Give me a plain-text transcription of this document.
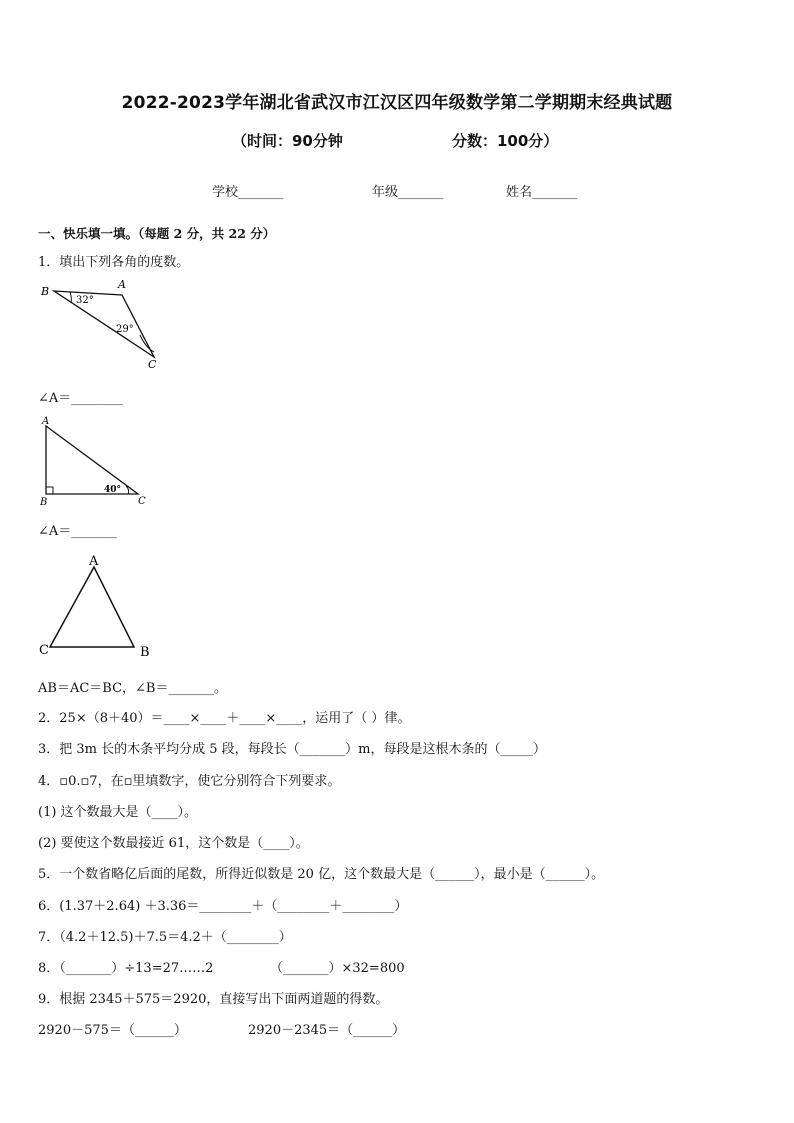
2022-2023学年湖北省武汉市江汉区四年级数学第二学期期末经典试题
（时间：90分钟	分数：100分）
学校_______	年级_______	姓名_______
一、快乐填一填。（每题 2 分，共 22 分）
1．填出下列各角的度数。
B
A
C
32°
29°
∠A＝________
A
B	C
40°
∠A＝_______
A
C	B
AB＝AC＝BC，∠B＝_______。
2．25×（8＋40）＝____×____＋____×____，运用了（ ）律。
3．把 3m 长的木条平均分成 5 段，每段长（_______）m，每段是这根木条的（_____）
4．▫0.▫7，在▫里填数字，使它分别符合下列要求。
(1) 这个数最大是（____）。
(2) 要使这个数最接近 61，这个数是（____）。
5．一个数省略亿后面的尾数，所得近似数是 20 亿，这个数最大是（______），最小是（______）。
6．(1.37＋2.64) ＋3.36＝________＋（________＋________）
7．（4.2＋12.5)＋7.5＝4.2＋（________）
8．（_______）÷13=27……2	（_______）×32=800
9．根据 2345＋575＝2920，直接写出下面两道题的得数。
2920－575＝（______）	2920－2345＝（______）
